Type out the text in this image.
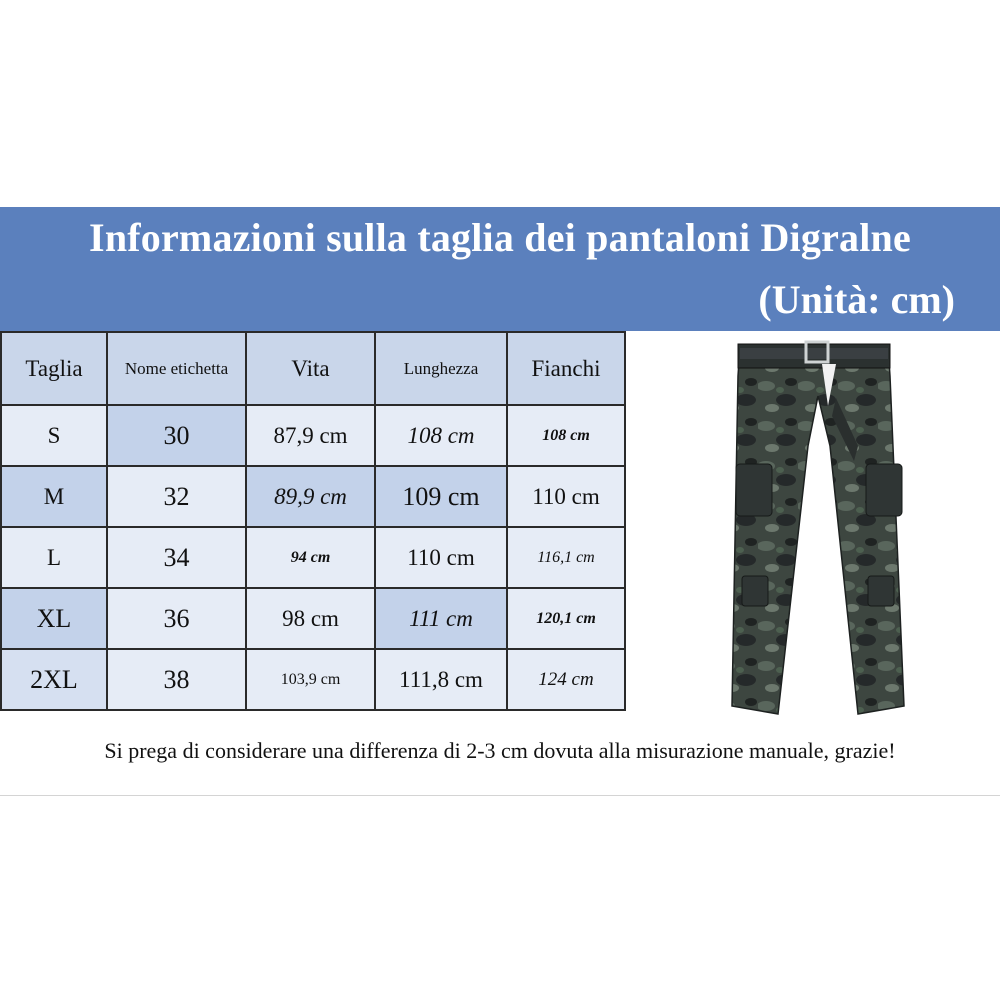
Informazioni sulla taglia dei pantaloni Digralne
(Unità: cm)
Taglia	Nome etichetta	Vita	Lunghezza	Fianchi
S	30	87,9 cm	108 cm	108 cm
M	32	89,9 cm	109 cm	110 cm
L	34	94 cm	110 cm	116,1 cm
XL	36	98 cm	111 cm	120,1 cm
2XL	38	103,9 cm	111,8 cm	124 cm
Si prega di considerare una differenza di 2-3 cm dovuta alla misurazione manuale, grazie!
